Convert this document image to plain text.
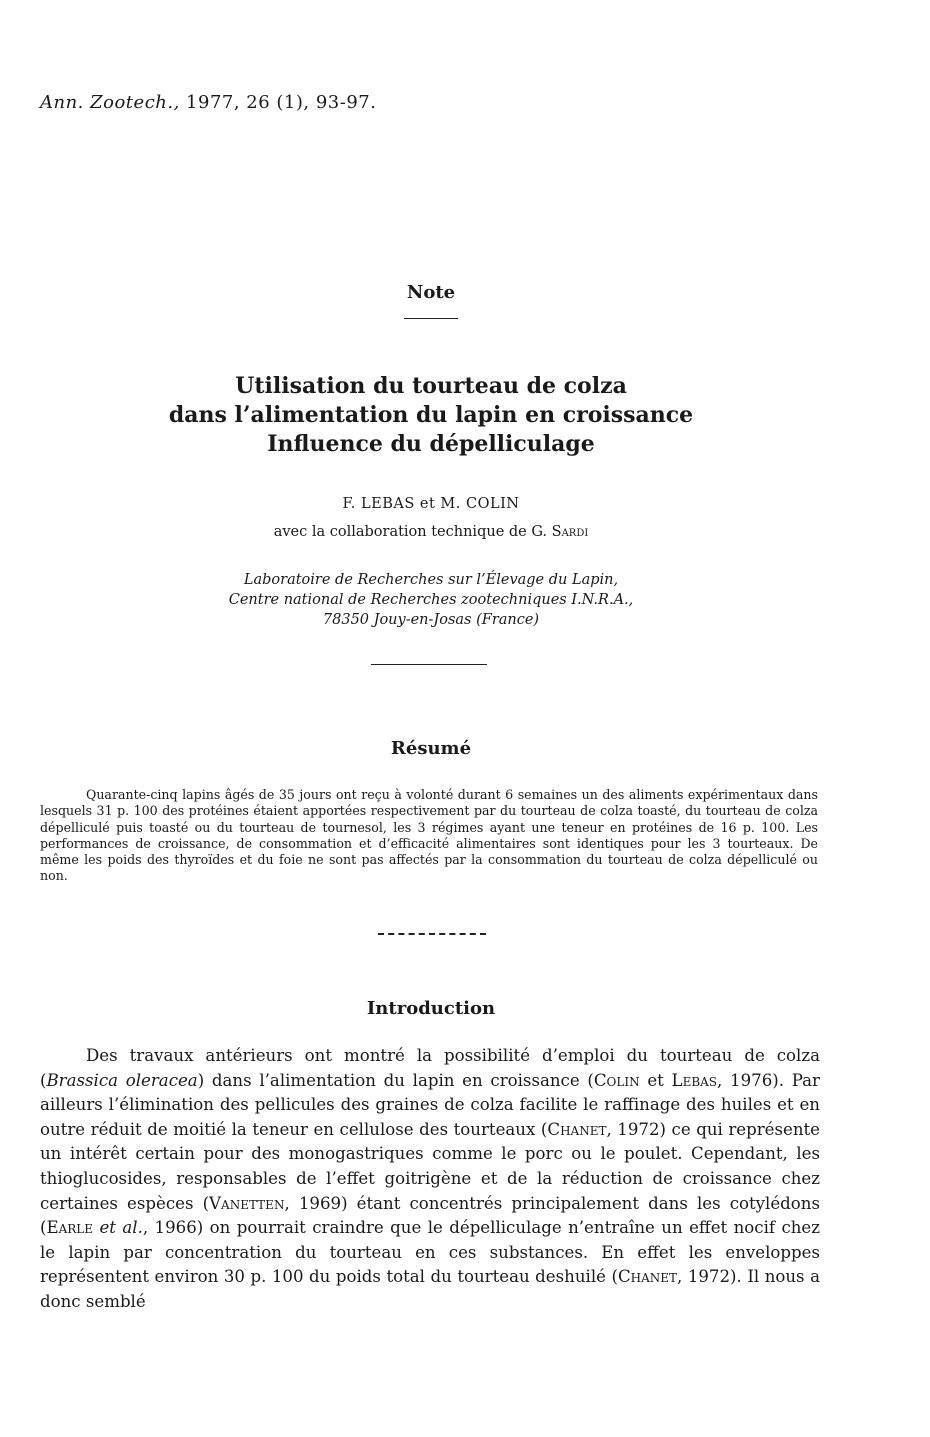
Ann. Zootech., 1977, 26 (1), 93-97.
Note
Utilisation du tourteau de colza
dans l’alimentation du lapin en croissance
Influence du dépelliculage
F. LEBAS et M. COLIN
avec la collaboration technique de G. Sardi
Laboratoire de Recherches sur l’Élevage du Lapin,
Centre national de Recherches zootechniques I.N.R.A.,
78350 Jouy-en-Josas (France)
Résumé
Quarante-cinq lapins âgés de 35 jours ont reçu à volonté durant 6 semaines un des aliments expérimentaux dans lesquels 31 p. 100 des protéines étaient apportées respectivement par du tourteau de colza toasté, du tourteau de colza dépelliculé puis toasté ou du tourteau de tournesol, les 3 régimes ayant une teneur en protéines de 16 p. 100. Les performances de croissance, de consommation et d’efficacité alimentaires sont identiques pour les 3 tourteaux. De même les poids des thyroïdes et du foie ne sont pas affectés par la consommation du tourteau de colza dépelliculé ou non.
Introduction
Des travaux antérieurs ont montré la possibilité d’emploi du tourteau de colza (Brassica oleracea) dans l’alimentation du lapin en croissance (Colin et Lebas, 1976). Par ailleurs l’élimination des pellicules des graines de colza facilite le raffinage des huiles et en outre réduit de moitié la teneur en cellulose des tourteaux (Chanet, 1972) ce qui représente un intérêt certain pour des monogastriques comme le porc ou le poulet. Cependant, les thioglucosides, responsables de l’effet goitrigène et de la réduction de croissance chez certaines espèces (Vanetten, 1969) étant concentrés principalement dans les cotylédons (Earle et al., 1966) on pourrait craindre que le dépelliculage n’entraîne un effet nocif chez le lapin par concentration du tourteau en ces substances. En effet les enveloppes représentent environ 30 p. 100 du poids total du tourteau deshuilé (Chanet, 1972). Il nous a donc semblé
